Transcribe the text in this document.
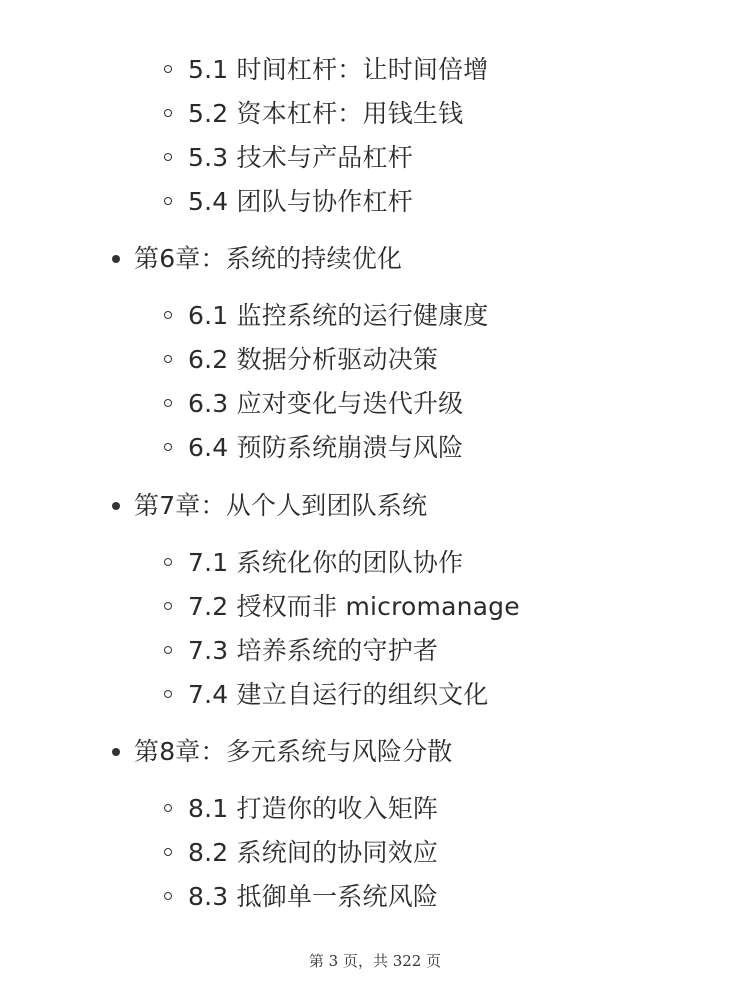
5.1 时间杠杆：让时间倍增
5.2 资本杠杆：用钱生钱
5.3 技术与产品杠杆
5.4 团队与协作杠杆
第6章：系统的持续优化
6.1 监控系统的运行健康度
6.2 数据分析驱动决策
6.3 应对变化与迭代升级
6.4 预防系统崩溃与风险
第7章：从个人到团队系统
7.1 系统化你的团队协作
7.2 授权而非 micromanage
7.3 培养系统的守护者
7.4 建立自运行的组织文化
第8章：多元系统与风险分散
8.1 打造你的收入矩阵
8.2 系统间的协同效应
8.3 抵御单一系统风险
第 3 页，共 322 页
